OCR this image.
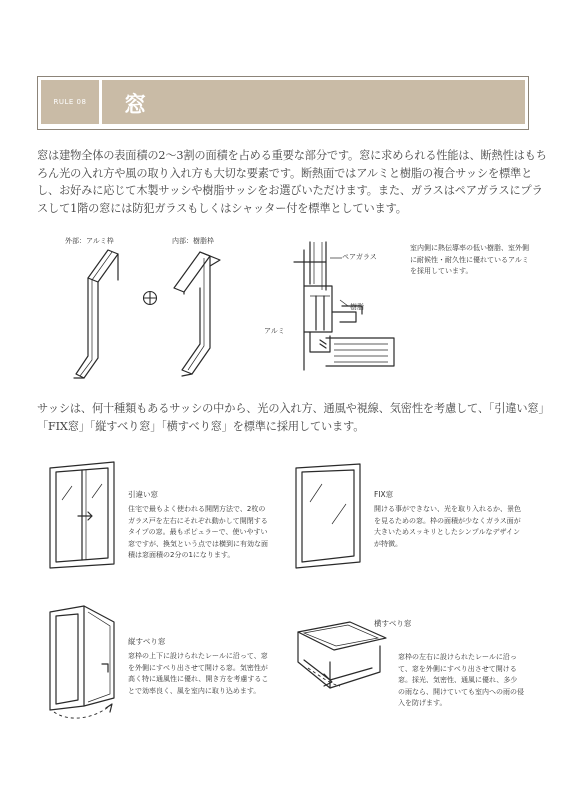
RULE 08	窓
窓は建物全体の表面積の2〜3割の面積を占める重要な部分です。窓に求められる性能は、断熱性はもちろん光の入れ方や風の取り入れ方も大切な要素です。断熱面ではアルミと樹脂の複合サッシを標準とし、お好みに応じて木製サッシや樹脂サッシをお選びいただけます。また、ガラスはペアガラスにプラスして1階の窓には防犯ガラスもしくはシャッター付を標準としています。
外部：アルミ枠	内部：樹脂枠
ペアガラス
樹脂
アルミ
室内側に熱伝導率の低い樹脂、室外側に耐候性・耐久性に優れているアルミを採用しています。
サッシは、何十種類もあるサッシの中から、光の入れ方、通風や視線、気密性を考慮して、「引違い窓」「FIX窓」「縦すべり窓」「横すべり窓」を標準に採用しています。
引違い窓
住宅で最もよく使われる開閉方法で、2枚のガラス戸を左右にそれぞれ動かして開閉するタイプの窓。最もポピュラーで、使いやすい窓ですが、換気という点では横到に有効な面積は窓面積の2分の1になります。
FIX窓
開ける事ができない、光を取り入れるか、景色を見るための窓。枠の面積が少なくガラス面が大きいためスッキリとしたシンプルなデザインが特徴。
縦すべり窓
窓枠の上下に設けられたレールに沿って、窓を外側にすべり出させて開ける窓。気密性が高く特に通風性に優れ、開き方を考慮することで効率良く、風を室内に取り込めます。
横すべり窓
窓枠の左右に設けられたレールに沿って、窓を外側にすべり出させて開ける窓。採光、気密性、通風に優れ、多少の雨なら、開けていても室内への雨の侵入を防げます。
